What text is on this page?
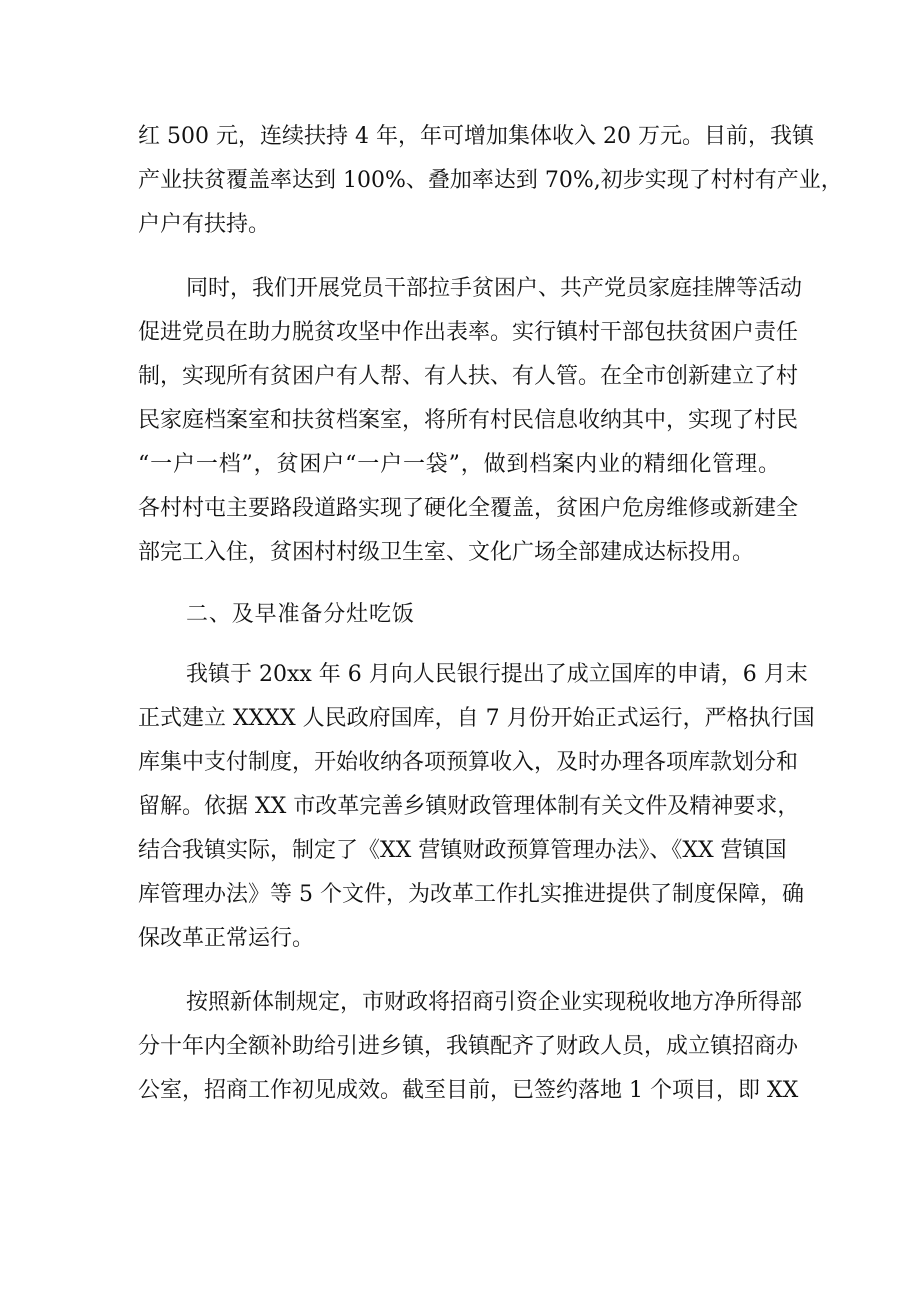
红 500 元，连续扶持 4 年，年可增加集体收入 20 万元。目前，我镇
产业扶贫覆盖率达到 100%、叠加率达到 70%,初步实现了村村有产业，
户户有扶持。
同时，我们开展党员干部拉手贫困户、共产党员家庭挂牌等活动
促进党员在助力脱贫攻坚中作出表率。实行镇村干部包扶贫困户责任
制，实现所有贫困户有人帮、有人扶、有人管。在全市创新建立了村
民家庭档案室和扶贫档案室，将所有村民信息收纳其中，实现了村民
“一户一档”，贫困户“一户一袋”，做到档案内业的精细化管理。
各村村屯主要路段道路实现了硬化全覆盖，贫困户危房维修或新建全
部完工入住，贫困村村级卫生室、文化广场全部建成达标投用。
二、及早准备分灶吃饭
我镇于 20xx 年 6 月向人民银行提出了成立国库的申请，6 月末
正式建立 XXXX 人民政府国库，自 7 月份开始正式运行，严格执行国
库集中支付制度，开始收纳各项预算收入，及时办理各项库款划分和
留解。依据 XX 市改革完善乡镇财政管理体制有关文件及精神要求，
结合我镇实际，制定了《XX 营镇财政预算管理办法》、《XX 营镇国
库管理办法》等 5 个文件，为改革工作扎实推进提供了制度保障，确
保改革正常运行。
按照新体制规定，市财政将招商引资企业实现税收地方净所得部
分十年内全额补助给引进乡镇，我镇配齐了财政人员，成立镇招商办
公室，招商工作初见成效。截至目前，已签约落地 1 个项目，即 XX
